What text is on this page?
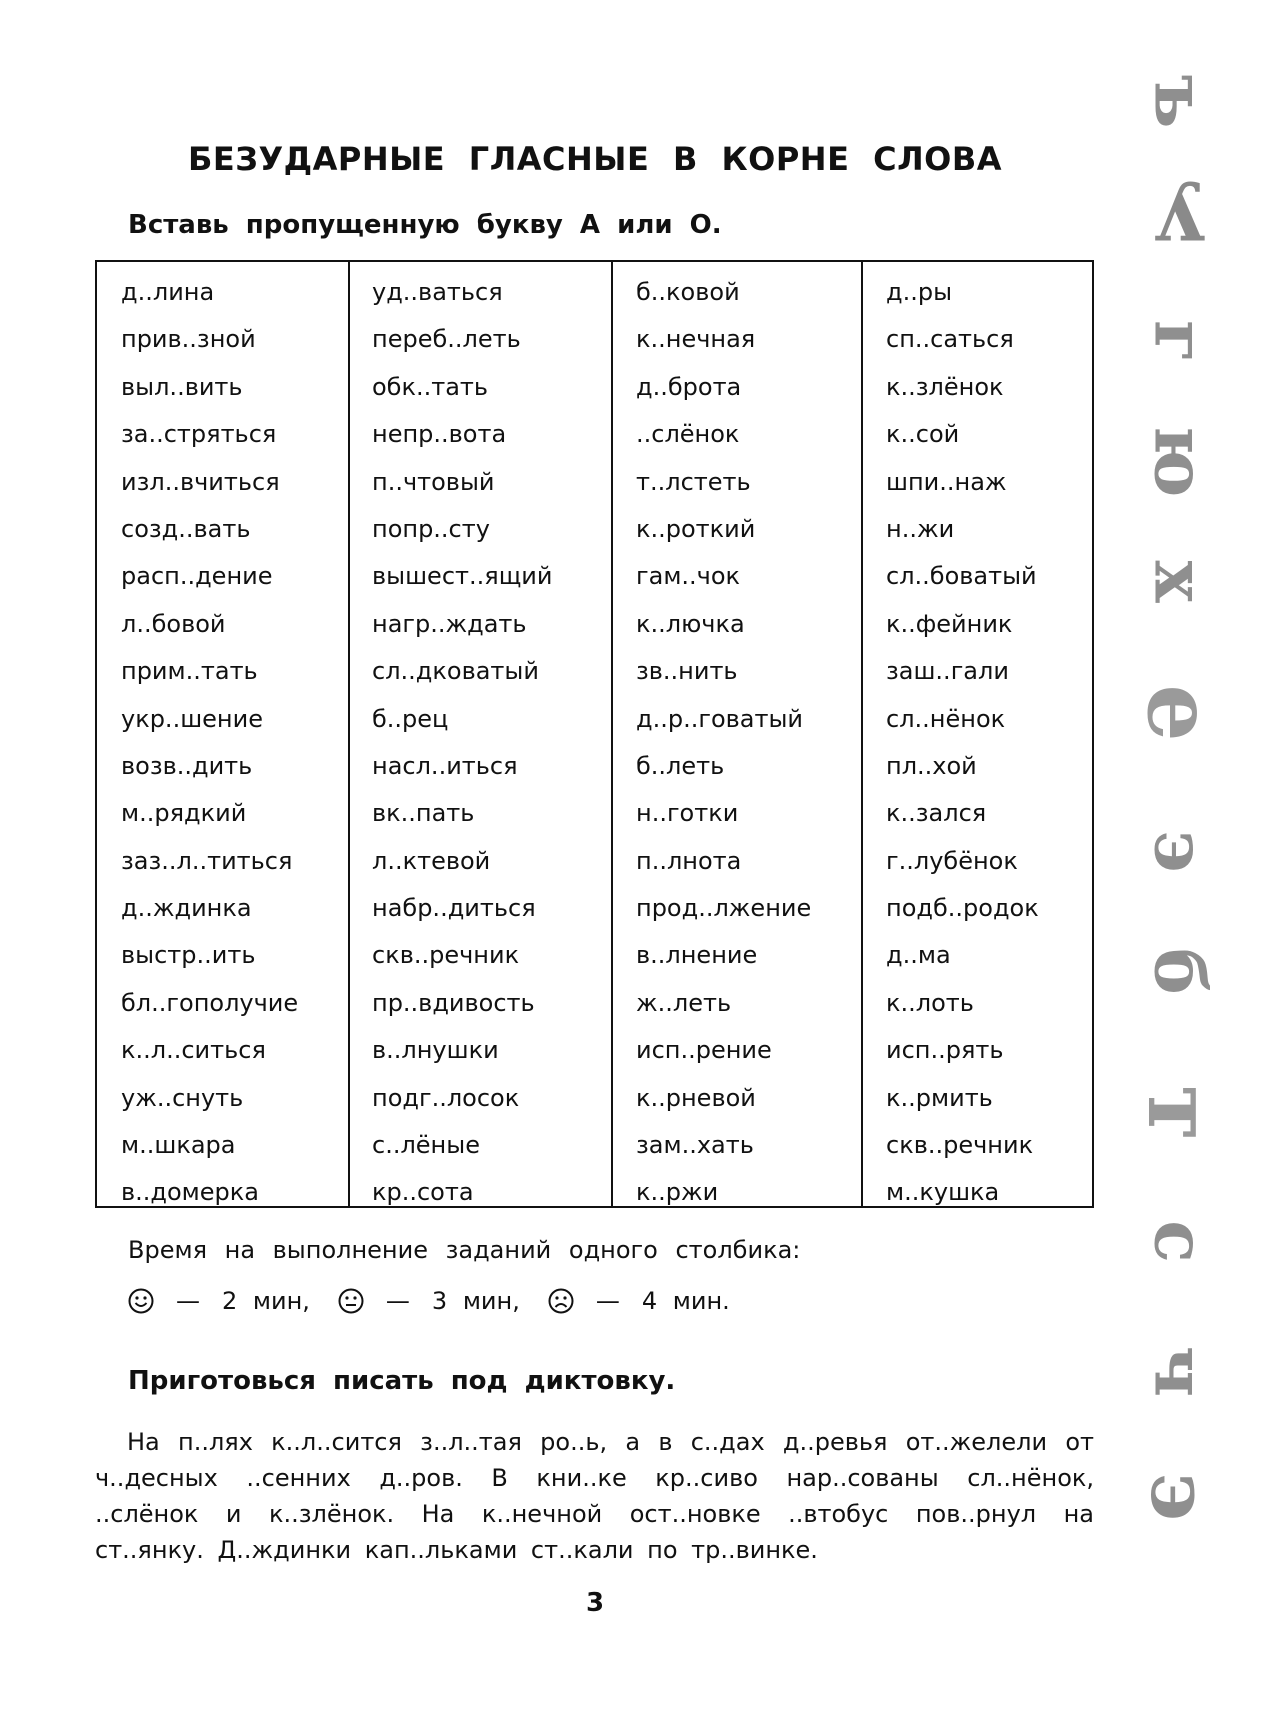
БЕЗУДАРНЫЕ ГЛАСНЫЕ В КОРНЕ СЛОВА
Вставь пропущенную букву А или О.
д..лина
прив..зной
выл..вить
за..стряться
изл..вчиться
созд..вать
расп..дение
л..бовой
прим..тать
укр..шение
возв..дить
м..рядкий
заз..л..титься
д..ждинка
выстр..ить
бл..гополучие
к..л..ситься
уж..снуть
м..шкара
в..домерка
уд..ваться
переб..леть
обк..тать
непр..вота
п..чтовый
попр..сту
вышест..ящий
нагр..ждать
сл..дковатый
б..рец
насл..иться
вк..пать
л..ктевой
набр..диться
скв..речник
пр..вдивость
в..лнушки
подг..лосок
с..лёные
кр..сота
б..ковой
к..нечная
д..брота
..слёнок
т..лстеть
к..роткий
гам..чок
к..лючка
зв..нить
д..р..говатый
б..леть
н..готки
п..лнота
прод..лжение
в..лнение
ж..леть
исп..рение
к..рневой
зам..хать
к..ржи
д..ры
сп..саться
к..злёнок
к..сой
шпи..наж
н..жи
сл..боватый
к..фейник
заш..гали
сл..нёнок
пл..хой
к..зался
г..лубёнок
подб..родок
д..ма
к..лоть
исп..рять
к..рмить
скв..речник
м..кушка
Время на выполнение заданий одного столбика:
— 2 мин,	— 3 мин,	— 4 мин.
Приготовься писать под диктовку.
На п..лях к..л..сится з..л..тая ро..ь, а в с..дах д..ревья от..желели от ч..десных ..сенних д..ров. В кни..ке кр..сиво нар..сованы сл..нёнок, ..слёнок и к..злёнок. На к..нечной ост..новке ..втобус пов..рнул на ст..янку. Д..ждинки кап..льками ст..кали по тр..винке.
3
ъ
у
г
ю
х
е
э
б
т
с
ч
э
